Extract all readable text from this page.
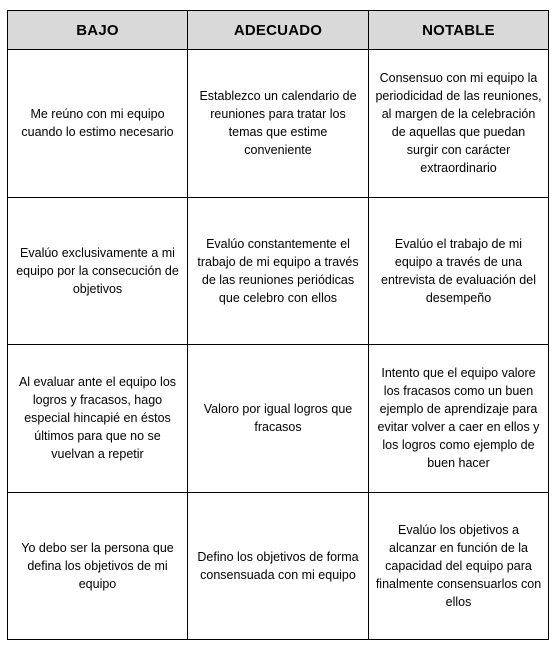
BAJO	ADECUADO	NOTABLE
Me reúno con mi equipo cuando lo estimo necesario	Establezco un calendario de reuniones para tratar los temas que estime conveniente	Consensuo con mi equipo la periodicidad de las reuniones, al margen de la celebración de aquellas que puedan surgir con carácter extraordinario
Evalúo exclusivamente a mi equipo por la consecución de objetivos	Evalúo constantemente el trabajo de mi equipo a través de las reuniones periódicas que celebro con ellos	Evalúo el trabajo de mi equipo a través de una entrevista de evaluación del desempeño
Al evaluar ante el equipo los logros y fracasos, hago especial hincapié en éstos últimos para que no se vuelvan a repetir	Valoro por igual logros que fracasos	Intento que el equipo valore los fracasos como un buen ejemplo de aprendizaje para evitar volver a caer en ellos y los logros como ejemplo de buen hacer
Yo debo ser la persona que defina los objetivos de mi equipo	Defino los objetivos de forma consensuada con mi equipo	Evalúo los objetivos a alcanzar en función de la capacidad del equipo para finalmente consensuarlos con ellos
